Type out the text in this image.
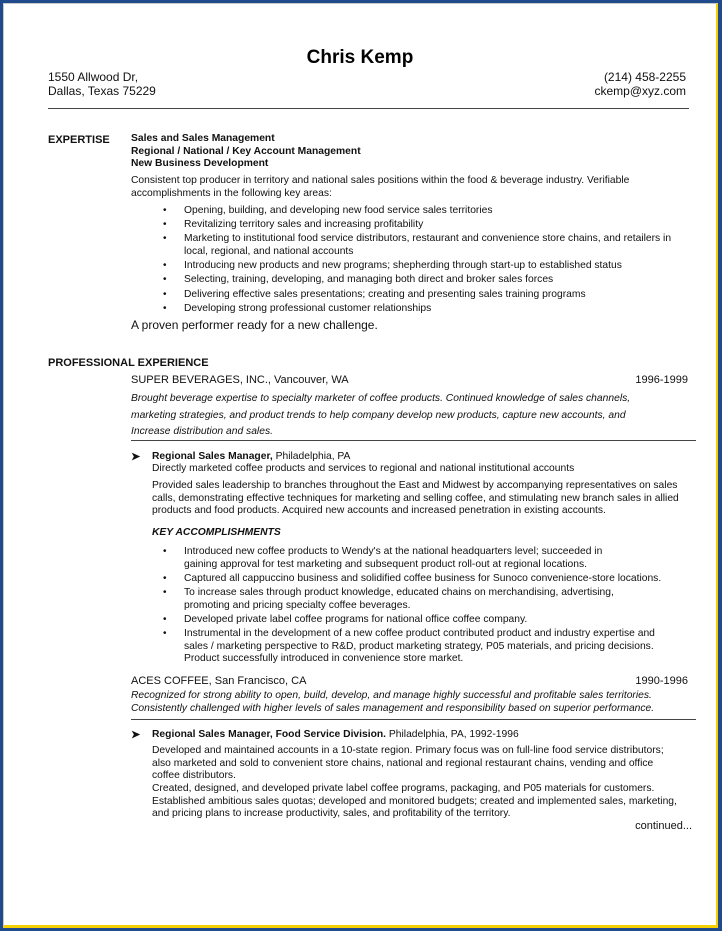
Chris Kemp
1550 Allwood Dr,
Dallas, Texas 75229
(214) 458-2255
ckemp@xyz.com
EXPERTISE Sales and Sales Management
Regional / National / Key Account Management
New Business Development
Consistent top producer in territory and national sales positions within the food & beverage industry. Verifiable accomplishments in the following key areas:
• Opening, building, and developing new food service sales territories
• Revitalizing territory sales and increasing profitability
• Marketing to institutional food service distributors, restaurant and convenience store chains, and retailers in local, regional, and national accounts
• Introducing new products and new programs; shepherding through start-up to established status
• Selecting, training, developing, and managing both direct and broker sales forces
• Delivering effective sales presentations; creating and presenting sales training programs
• Developing strong professional customer relationships
A proven performer ready for a new challenge.
PROFESSIONAL EXPERIENCE
SUPER BEVERAGES, INC., Vancouver, WA	1996-1999
Brought beverage expertise to specialty marketer of coffee products. Continued knowledge of sales channels,
marketing strategies, and product trends to help company develop new products, capture new accounts, and
Increase distribution and sales.
➤ Regional Sales Manager, Philadelphia, PA
Directly marketed coffee products and services to regional and national institutional accounts
Provided sales leadership to branches throughout the East and Midwest by accompanying representatives on sales calls, demonstrating effective techniques for marketing and selling coffee, and stimulating new branch sales in allied products and food products. Acquired new accounts and increased penetration in existing accounts.
KEY ACCOMPLISHMENTS
• Introduced new coffee products to Wendy's at the national headquarters level; succeeded in gaining approval for test marketing and subsequent product roll-out at regional locations.
• Captured all cappuccino business and solidified coffee business for Sunoco convenience-store locations.
• To increase sales through product knowledge, educated chains on merchandising, advertising, promoting and pricing specialty coffee beverages.
• Developed private label coffee programs for national office coffee company.
• Instrumental in the development of a new coffee product contributed product and industry expertise and sales / marketing perspective to R&D, product marketing strategy, P05 materials, and pricing decisions. Product successfully introduced in convenience store market.
ACES COFFEE, San Francisco, CA	1990-1996
Recognized for strong ability to open, build, develop, and manage highly successful and profitable sales territories.
Consistently challenged with higher levels of sales management and responsibility based on superior performance.
➤ Regional Sales Manager, Food Service Division. Philadelphia, PA, 1992-1996
Developed and maintained accounts in a 10-state region. Primary focus was on full-line food service distributors; also marketed and sold to convenient store chains, national and regional restaurant chains, vending and office coffee distributors.
Created, designed, and developed private label coffee programs, packaging, and P05 materials for customers. Established ambitious sales quotas; developed and monitored budgets; created and implemented sales, marketing, and pricing plans to increase productivity, sales, and profitability of the territory.
continued...
